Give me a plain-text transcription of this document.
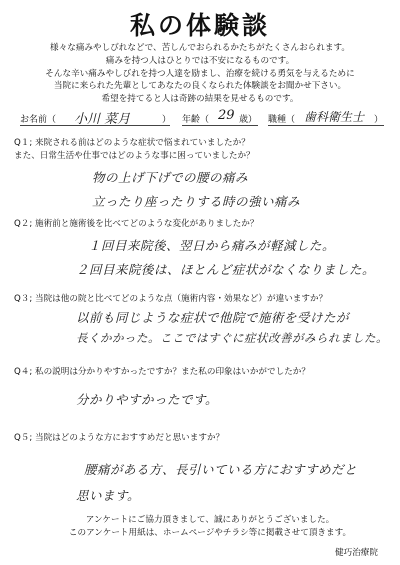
私の体験談
様々な痛みやしびれなどで、苦しんでおられるかたちがたくさんおられます。
痛みを持つ人はひとりでは不安になるものです。
そんな辛い痛みやしびれを持つ人達を励まし、治療を続ける勇気を与えるために
当院に来られた先輩としてあなたの良くなられた体験談をお聞かせ下さい。
希望を持てると人は奇跡の結果を見せるものです。
お名前（ 小川 菜月	） 年齢（ 29 歳） 職種（ 歯科衛生士 ）
Q１; 来院される前はどのような症状で悩まれていましたか？
また、日常生活や仕事ではどのような事に困っていましたか？
物の上げ下げでの腰の痛み
立ったり座ったりする時の強い痛み
Q２; 施術前と施術後を比べてどのような変化がありましたか？
１回目来院後、翌日から痛みが軽減した。
２回目来院後は、ほとんど症状がなくなりました。
Q３; 当院は他の院と比べてどのような点（施術内容・効果など）が違いますか？
以前も同じような症状で他院で施術を受けたが
長くかかった。ここではすぐに症状改善がみられました。
Q４; 私の説明は分かりやすかったですか？また私の印象はいかがでしたか？
分かりやすかったです。
Q５; 当院はどのような方におすすめだと思いますか？
腰痛がある方、長引いている方におすすめだと
思います。
アンケートにご協力頂きまして、誠にありがとうございました。
このアンケート用紙は、ホームページやチラシ等に掲載させて頂きます。
健巧治療院
